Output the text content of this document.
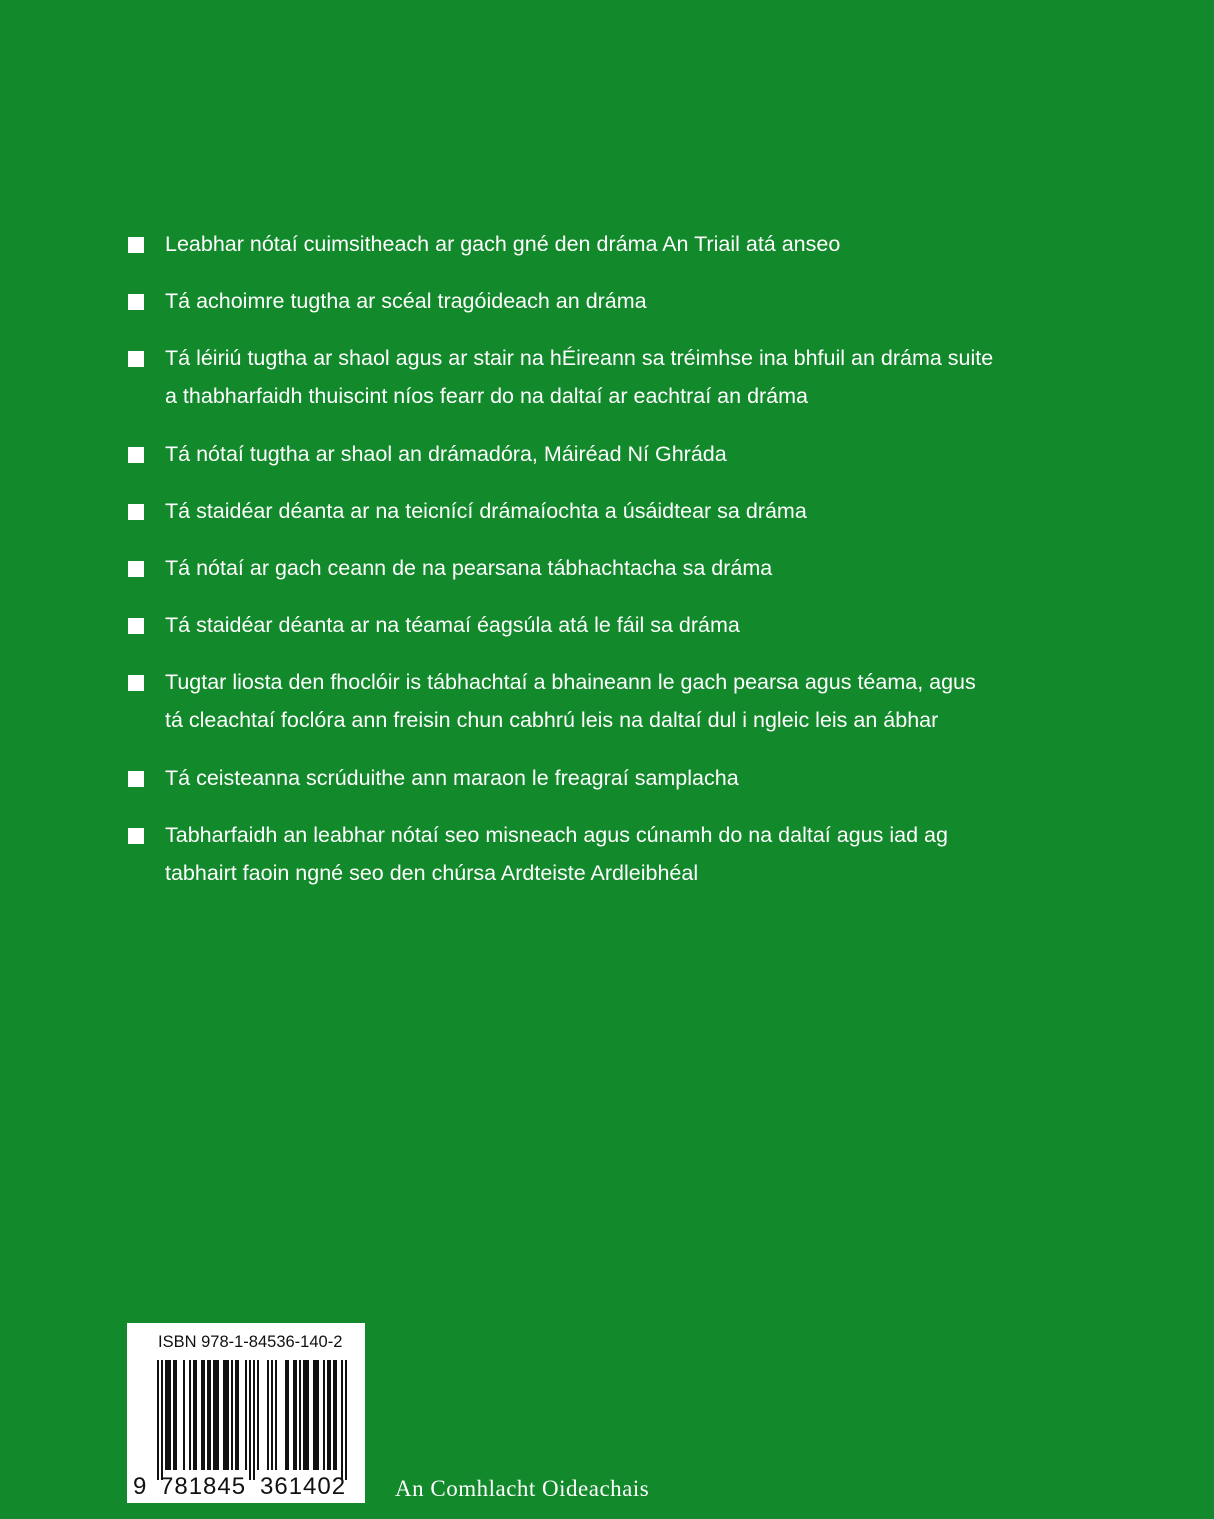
Leabhar nótaí cuimsitheach ar gach gné den dráma An Triail atá anseo
Tá achoimre tugtha ar scéal tragóideach an dráma
Tá léiriú tugtha ar shaol agus ar stair na hÉireann sa tréimhse ina bhfuil an dráma suite
a thabharfaidh thuiscint níos fearr do na daltaí ar eachtraí an dráma
Tá nótaí tugtha ar shaol an drámadóra, Máiréad Ní Ghráda
Tá staidéar déanta ar na teicnící drámaíochta a úsáidtear sa dráma
Tá nótaí ar gach ceann de na pearsana tábhachtacha sa dráma
Tá staidéar déanta ar na téamaí éagsúla atá le fáil sa dráma
Tugtar liosta den fhoclóir is tábhachtaí a bhaineann le gach pearsa agus téama, agus
tá cleachtaí foclóra ann freisin chun cabhrú leis na daltaí dul i ngleic leis an ábhar
Tá ceisteanna scrúduithe ann maraon le freagraí samplacha
Tabharfaidh an leabhar nótaí seo misneach agus cúnamh do na daltaí agus iad ag
tabhairt faoin ngné seo den chúrsa Ardteiste Ardleibhéal
ISBN 978-1-84536-140-2
9 781845 361402 An Comhlacht Oideachais
